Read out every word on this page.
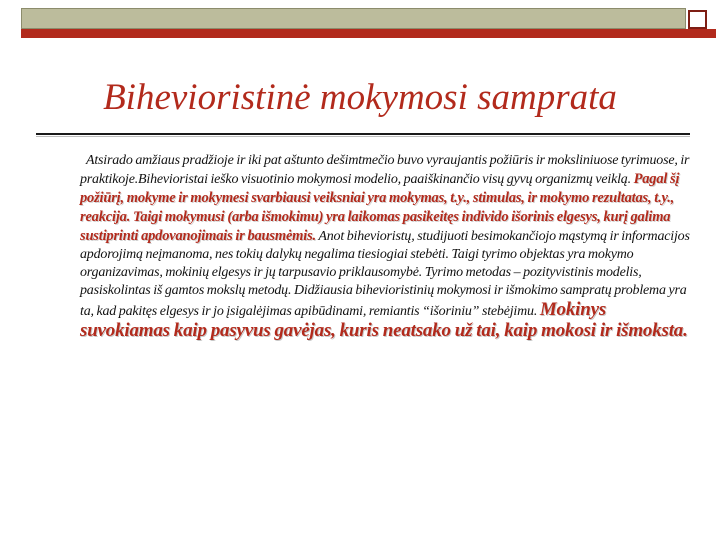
Bihevioristinė mokymosi samprata

Atsirado amžiaus pradžioje ir iki pat aštunto dešimtmečio buvo vyraujantis požiūris ir moksliniuose tyrimuose, ir praktikoje.Bihevioristai ieško visuotinio mokymosi modelio, paaiškinančio visų gyvų organizmų veiklą. Pagal šį požiūrį, mokyme ir mokymesi svarbiausi veiksniai yra mokymas, t.y., stimulas, ir mokymo rezultatas, t.y., reakcija. Taigi mokymusi (arba išmokimu) yra laikomas pasikeitęs individo išorinis elgesys, kurį galima sustiprinti apdovanojimais ir bausmėmis. Anot bihevioristų, studijuoti besimokančiojo mąstymą ir informacijos apdorojimą neįmanoma, nes tokių dalykų negalima tiesiogiai stebėti. Taigi tyrimo objektas yra mokymo organizavimas, mokinių elgesys ir jų tarpusavio priklausomybė. Tyrimo metodas – pozityvistinis modelis, pasiskolintas iš gamtos mokslų metodų. Didžiausia bihevioristinių mokymosi ir išmokimo sampratų problema yra ta, kad pakitęs elgesys ir jo įsigalėjimas apibūdinami, remiantis “išoriniu” stebėjimu. Mokinys suvokiamas kaip pasyvus gavėjas, kuris neatsako už tai, kaip mokosi ir išmoksta.
